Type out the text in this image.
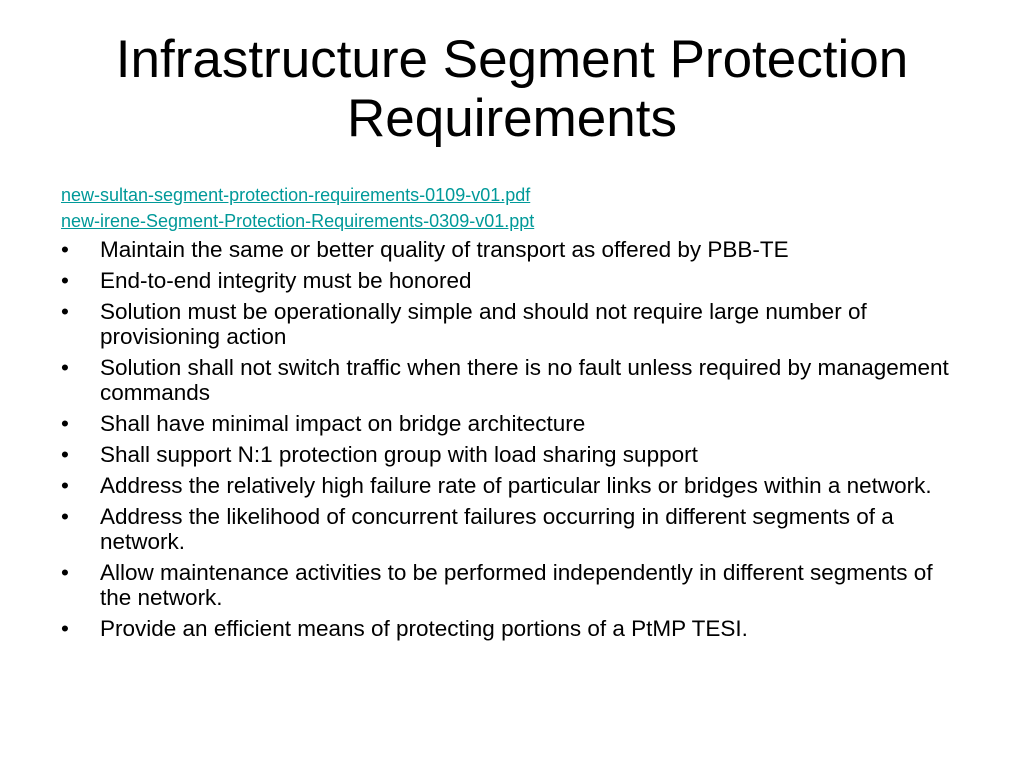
Infrastructure Segment Protection
Requirements
new-sultan-segment-protection-requirements-0109-v01.pdf
new-irene-Segment-Protection-Requirements-0309-v01.ppt
• Maintain the same or better quality of transport as offered by PBB-TE
• End-to-end integrity must be honored
• Solution must be operationally simple and should not require large number of provisioning action
• Solution shall not switch traffic when there is no fault unless required by management commands
• Shall have minimal impact on bridge architecture
• Shall support N:1 protection group with load sharing support
• Address the relatively high failure rate of particular links or bridges within a network.
• Address the likelihood of concurrent failures occurring in different segments of a network.
• Allow maintenance activities to be performed independently in different segments of the network.
• Provide an efficient means of protecting portions of a PtMP TESI.
